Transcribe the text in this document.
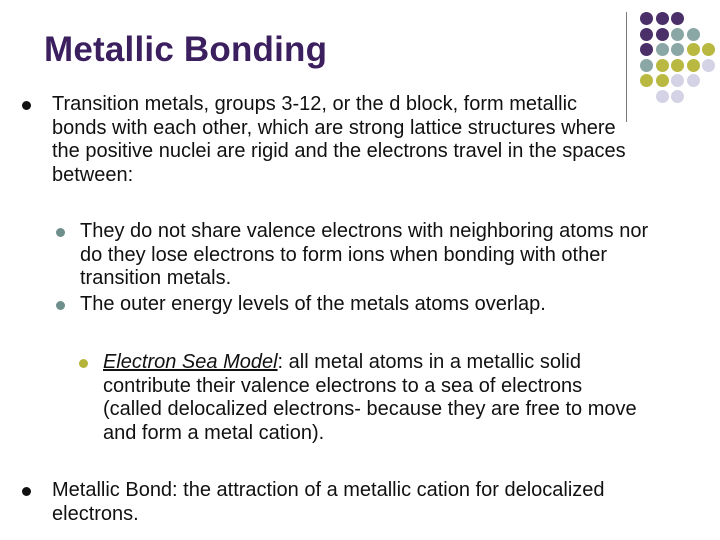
Metallic Bonding
Transition metals, groups 3-12, or the d block, form metallic bonds with each other, which are strong lattice structures where the positive nuclei are rigid and the electrons travel in the spaces between:
They do not share valence electrons with neighboring atoms nor do they lose electrons to form ions when bonding with other transition metals.
The outer energy levels of the metals atoms overlap.
Electron Sea Model: all metal atoms in a metallic solid contribute their valence electrons to a sea of electrons (called delocalized electrons- because they are free to move and form a metal cation).
Metallic Bond: the attraction of a metallic cation for delocalized electrons.
